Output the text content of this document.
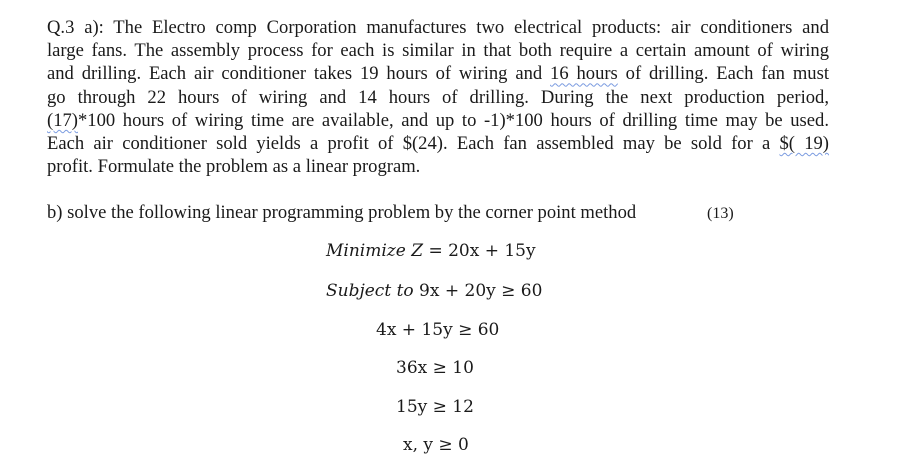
Q.3 a): The Electro comp Corporation manufactures two electrical products: air conditioners and
large fans. The assembly process for each is similar in that both require a certain amount of wiring
and drilling. Each air conditioner takes 19 hours of wiring and 16 hours of drilling. Each fan must
go through 22 hours of wiring and 14 hours of drilling. During the next production period,
(17)*100 hours of wiring time are available, and up to -1)*100 hours of drilling time may be used.
Each air conditioner sold yields a profit of $(24). Each fan assembled may be sold for a $( 19)
profit. Formulate the problem as a linear program.
b) solve the following linear programming problem by the corner point method	(13)
Minimize Z = 20x + 15y
Subject to 9x + 20y ≥ 60
4x + 15y ≥ 60
36x ≥ 10
15y ≥ 12
x, y ≥ 0
